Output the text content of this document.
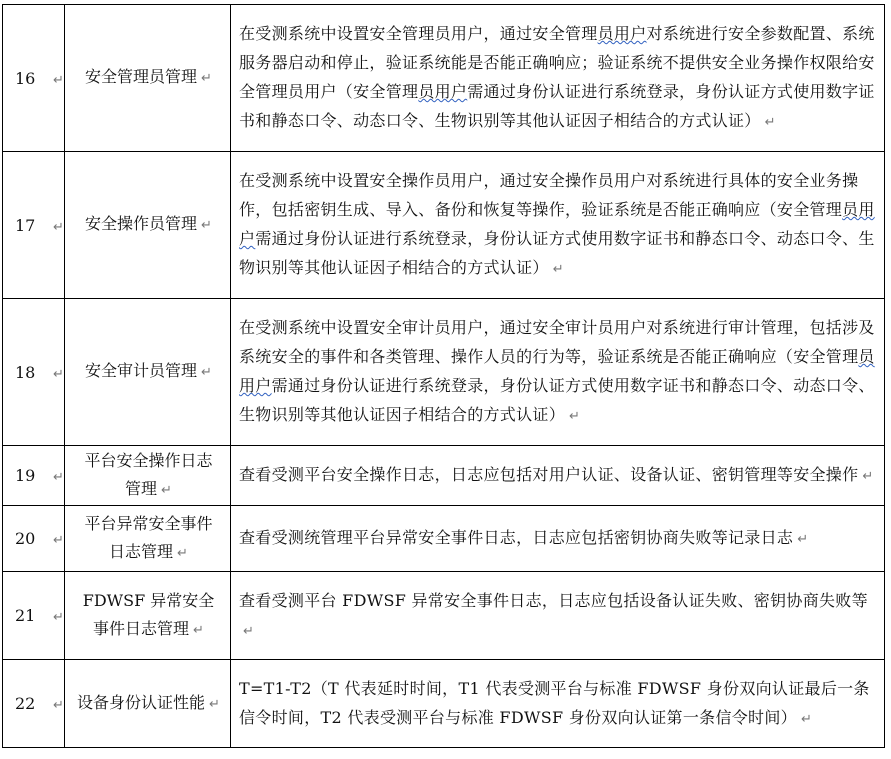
16 ↵	安全管理员管理 ↵	在受测系统中设置安全管理员用户，通过安全管理员用户对系统进行安全参数配置、系统服务器启动和停止，验证系统能是否能正确响应；验证系统不提供安全业务操作权限给安全管理员用户（安全管理员用户需通过身份认证进行系统登录，身份认证方式使用数字证书和静态口令、动态口令、生物识别等其他认证因子相结合的方式认证） ↵
17 ↵	安全操作员管理 ↵	在受测系统中设置安全操作员用户，通过安全操作员用户对系统进行具体的安全业务操作，包括密钥生成、导入、备份和恢复等操作，验证系统是否能正确响应（安全管理员用户需通过身份认证进行系统登录，身份认证方式使用数字证书和静态口令、动态口令、生物识别等其他认证因子相结合的方式认证） ↵
18 ↵	安全审计员管理 ↵	在受测系统中设置安全审计员用户，通过安全审计员用户对系统进行审计管理，包括涉及系统安全的事件和各类管理、操作人员的行为等，验证系统是否能正确响应（安全管理员用户需通过身份认证进行系统登录，身份认证方式使用数字证书和静态口令、动态口令、生物识别等其他认证因子相结合的方式认证） ↵
19 ↵	平台安全操作日志管理 ↵	查看受测平台安全操作日志，日志应包括对用户认证、设备认证、密钥管理等安全操作 ↵
20 ↵	平台异常安全事件日志管理 ↵	查看受测统管理平台异常安全事件日志，日志应包括密钥协商失败等记录日志 ↵
21 ↵	FDWSF 异常安全事件日志管理 ↵	查看受测平台 FDWSF 异常安全事件日志，日志应包括设备认证失败、密钥协商失败等↵
22 ↵	设备身份认证性能 ↵	T=T1-T2（T 代表延时时间，T1 代表受测平台与标准 FDWSF 身份双向认证最后一条信令时间，T2 代表受测平台与标准 FDWSF 身份双向认证第一条信令时间） ↵
